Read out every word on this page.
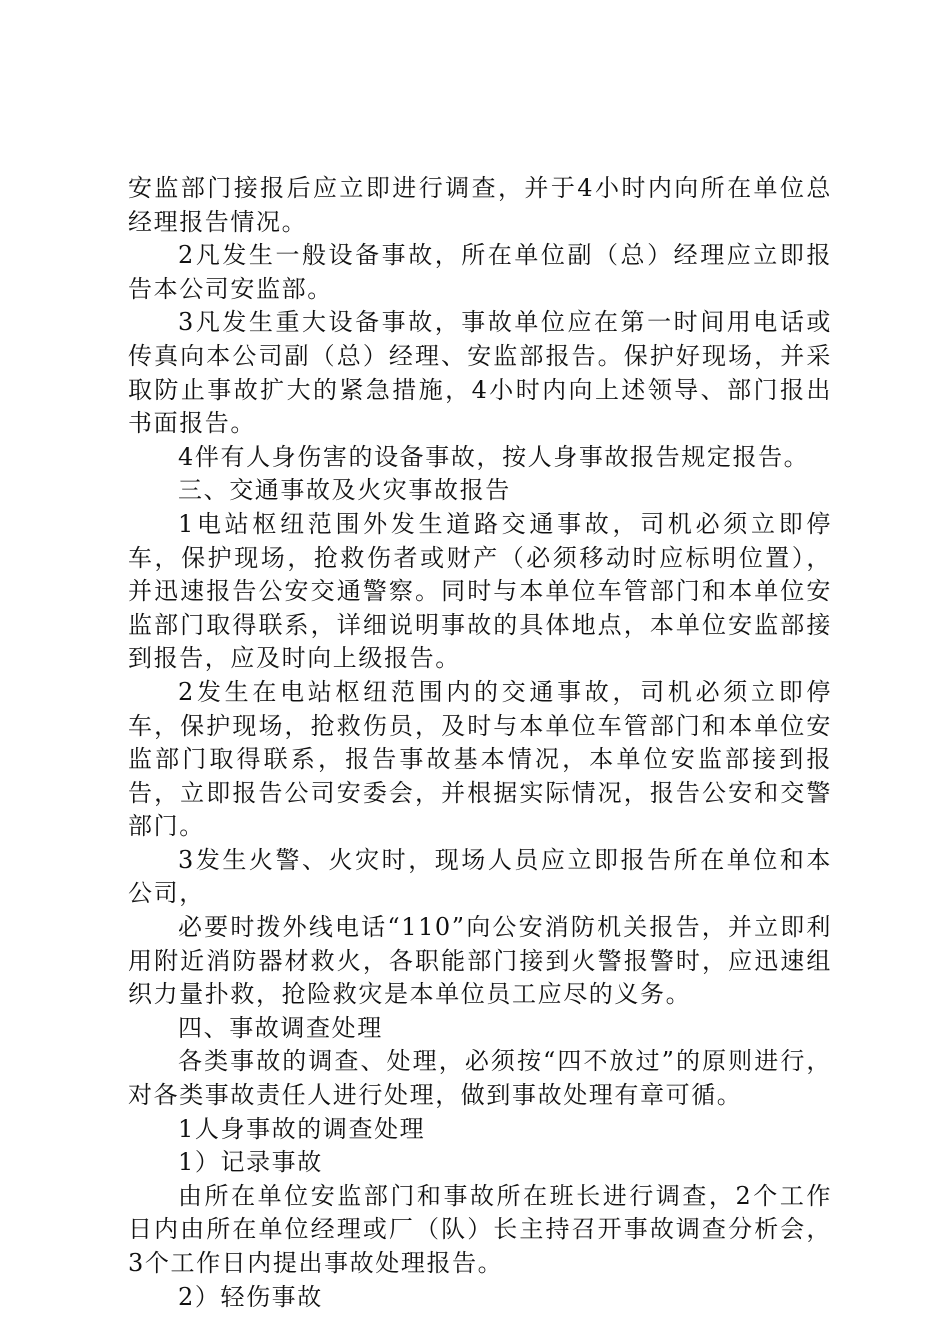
安监部门接报后应立即进行调查，并于4小时内向所在单位总经理报告情况。

2凡发生一般设备事故，所在单位副（总）经理应立即报告本公司安监部。

3凡发生重大设备事故，事故单位应在第一时间用电话或传真向本公司副（总）经理、安监部报告。保护好现场，并采取防止事故扩大的紧急措施，4小时内向上述领导、部门报出书面报告。

4伴有人身伤害的设备事故，按人身事故报告规定报告。

三、交通事故及火灾事故报告

1电站枢纽范围外发生道路交通事故，司机必须立即停车，保护现场，抢救伤者或财产（必须移动时应标明位置），并迅速报告公安交通警察。同时与本单位车管部门和本单位安监部门取得联系，详细说明事故的具体地点，本单位安监部接到报告，应及时向上级报告。

2发生在电站枢纽范围内的交通事故，司机必须立即停车，保护现场，抢救伤员，及时与本单位车管部门和本单位安监部门取得联系，报告事故基本情况，本单位安监部接到报告，立即报告公司安委会，并根据实际情况，报告公安和交警部门。

3发生火警、火灾时，现场人员应立即报告所在单位和本公司，

必要时拨外线电话“110”向公安消防机关报告，并立即利用附近消防器材救火，各职能部门接到火警报警时，应迅速组织力量扑救，抢险救灾是本单位员工应尽的义务。

四、事故调查处理

各类事故的调查、处理，必须按“四不放过”的原则进行，对各类事故责任人进行处理，做到事故处理有章可循。

1人身事故的调查处理

1）记录事故

由所在单位安监部门和事故所在班长进行调查，2个工作日内由所在单位经理或厂（队）长主持召开事故调查分析会，3个工作日内提出事故处理报告。

2）轻伤事故
